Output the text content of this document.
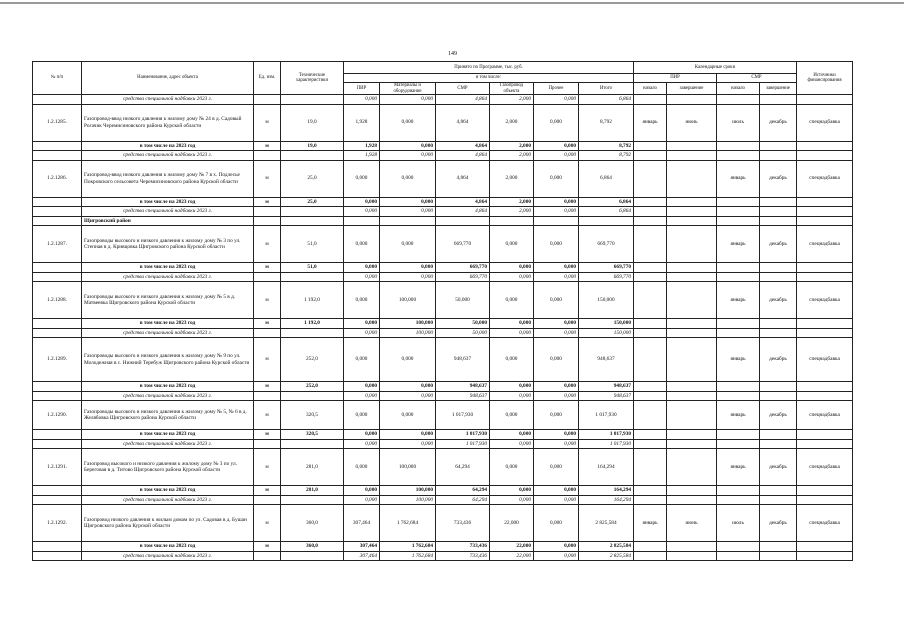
149
№ п/п	Наименование, адрес объекта	Ед. изм.	Технические характеристики	Принято по Программе, тыс. руб.						Календарные сроки				Источники финансирования
				в том числе:						ПИР		СМР		
				ПИР	Материалы и оборудование	СМР	Газопровод объекта	Прочее	Итого	начало	завершение	начало	завершение	

	средства специальной надбавки 2023 г.			0,000	0,000	4,864	2,000	0,000	6,864					
1.2.1285.	Газопровод-ввод низкого давления к жилому дому № 24 в д. Садовый Рогачик Черемисиновского района Курской области	м	19,0	1,928	0,000	4,864	2,000	0,000	8,792	январь	июнь	июль	декабрь	спецнадбавка
	в том числе на 2023 год	м	19,0	1,928	0,000	4,864	2,000	0,000	8,792					
	средства специальной надбавки 2023 г.			1,928	0,000	4,864	2,000	0,000	8,792					
1.2.1286.	Газопровод-ввод низкого давления к жилому дому № 7 в х. Подлесье Покровского сельсовета Черемисиновского района Курской области	м	25,0	0,000	0,000	4,864	2,000	0,000	6,864			январь	декабрь	спецнадбавка
	в том числе на 2023 год	м	25,0	0,000	0,000	4,864	2,000	0,000	6,864					
	средства специальной надбавки 2023 г.			0,000	0,000	4,864	2,000	0,000	6,864					
	Щигровский район													
1.2.1287.	Газопроводы высокого и низкого давления к жилому дому № 3 по ул. Степная в д. Кривцовка Щигровского района Курской области	м	51,0	0,000	0,000	669,770	0,000	0,000	669,770			январь	декабрь	спецнадбавка
	в том числе на 2023 год	м	51,0	0,000	0,000	669,770	0,000	0,000	669,770					
	средства специальной надбавки 2023 г.			0,000	0,000	669,770	0,000	0,000	669,770					
1.2.1288.	Газопроводы высокого и низкого давления к жилому дому № 5 в д. Матвеевка Щигровского района Курской области	м	1 192,0	0,000	100,000	50,000	0,000	0,000	150,000			январь	декабрь	спецнадбавка
	в том числе на 2023 год	м	1 192,0	0,000	100,000	50,000	0,000	0,000	150,000					
	средства специальной надбавки 2023 г.			0,000	100,000	50,000	0,000	0,000	150,000					
1.2.1289.	Газопроводы высокого и низкого давления к жилому дому № 9 по ул. Молодежная в с. Нижний Теребуж Щигровского района Курской области	м	252,0	0,000	0,000	948,637	0,000	0,000	948,637			январь	декабрь	спецнадбавка
	в том числе на 2023 год	м	252,0	0,000	0,000	948,637	0,000	0,000	948,637					
	средства специальной надбавки 2023 г.			0,000	0,000	948,637	0,000	0,000	948,637					
1.2.1290.	Газопроводы высокого и низкого давления к жилому дому № 5, № 6 в д. Желябовка Щигровского района Курской области	м	320,5	0,000	0,000	1 017,930	0,000	0,000	1 017,930			январь	декабрь	спецнадбавка
	в том числе на 2023 год	м	320,5	0,000	0,000	1 017,930	0,000	0,000	1 017,930					
	средства специальной надбавки 2023 г.			0,000	0,000	1 017,930	0,000	0,000	1 017,930					
1.2.1291.	Газопровод высокого и низкого давления к жилому дому № 3 по ул. Береговая в д. Титово Щигровского района Курской области	м	281,0	0,000	100,000	64,294	0,000	0,000	164,294			январь	декабрь	спецнадбавка
	в том числе на 2023 год	м	281,0	0,000	100,000	64,294	0,000	0,000	164,294					
	средства специальной надбавки 2023 г.			0,000	100,000	64,294	0,000	0,000	164,294					
1.2.1292.	Газопровод низкого давления к жилым домам по ул. Садовая в д. Бушан Щигровского района Курской области	м	360,0	307,464	1 762,684	733,436	22,000	0,000	2 825,584	январь	июнь	июль	декабрь	спецнадбавка
	в том числе на 2023 год	м	360,0	307,464	1 762,684	733,436	22,000	0,000	2 825,584					
	средства специальной надбавки 2023 г.			307,464	1 762,684	733,436	22,000	0,000	2 825,584					
